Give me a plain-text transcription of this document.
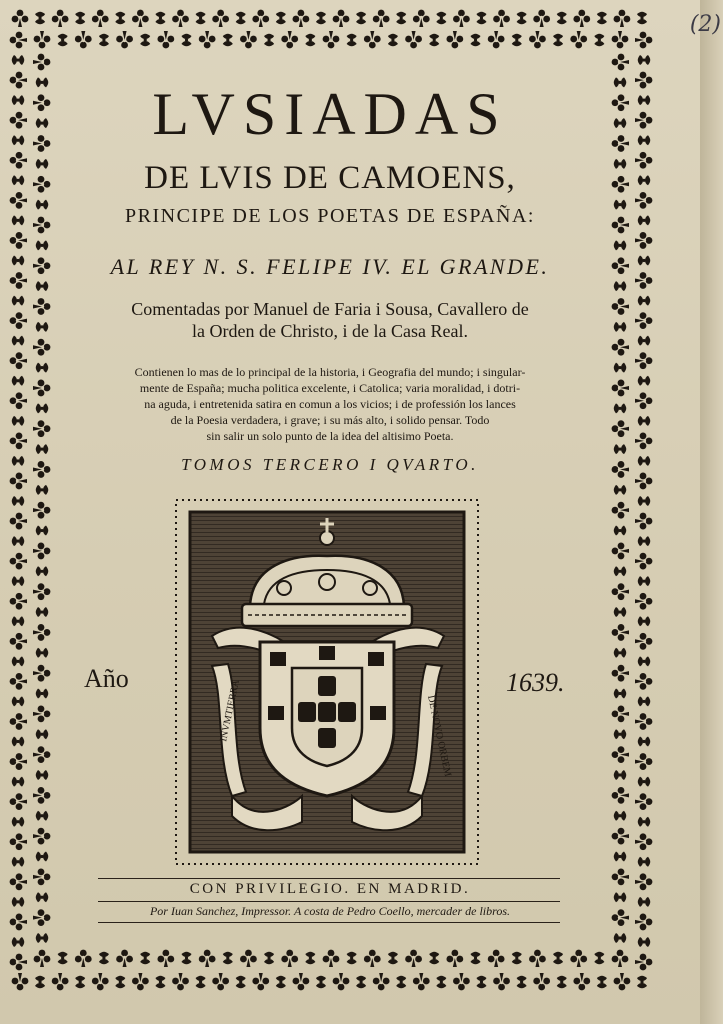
(2)
LVSIADAS
DE LVIS DE CAMOENS,
PRINCIPE DE LOS POETAS DE ESPAÑA:
AL REY N. S. FELIPE IV. EL GRANDE.
Comentadas por Manuel de Faria i Sousa, Cavallero de
la Orden de Christo, i de la Casa Real.
Contienen lo mas de lo principal de la historia, i Geografia del mundo; i singular-
mente de España; mucha politica excelente, i Catolica; varia moralidad, i dotri-
na aguda, i entretenida satira en comun a los vicios; i de professión los lances
de la Poesia verdadera, i grave; i su más alto, i solido pensar. Todo
sin salir un solo punto de la idea del altisimo Poeta.
TOMOS TERCERO I QVARTO.
INVMTIERRA	DE NOVO ORBEM
Año	1639.
CON PRIVILEGIO. EN MADRID.
Por Iuan Sanchez, Impressor. A costa de Pedro Coello, mercader de libros.
